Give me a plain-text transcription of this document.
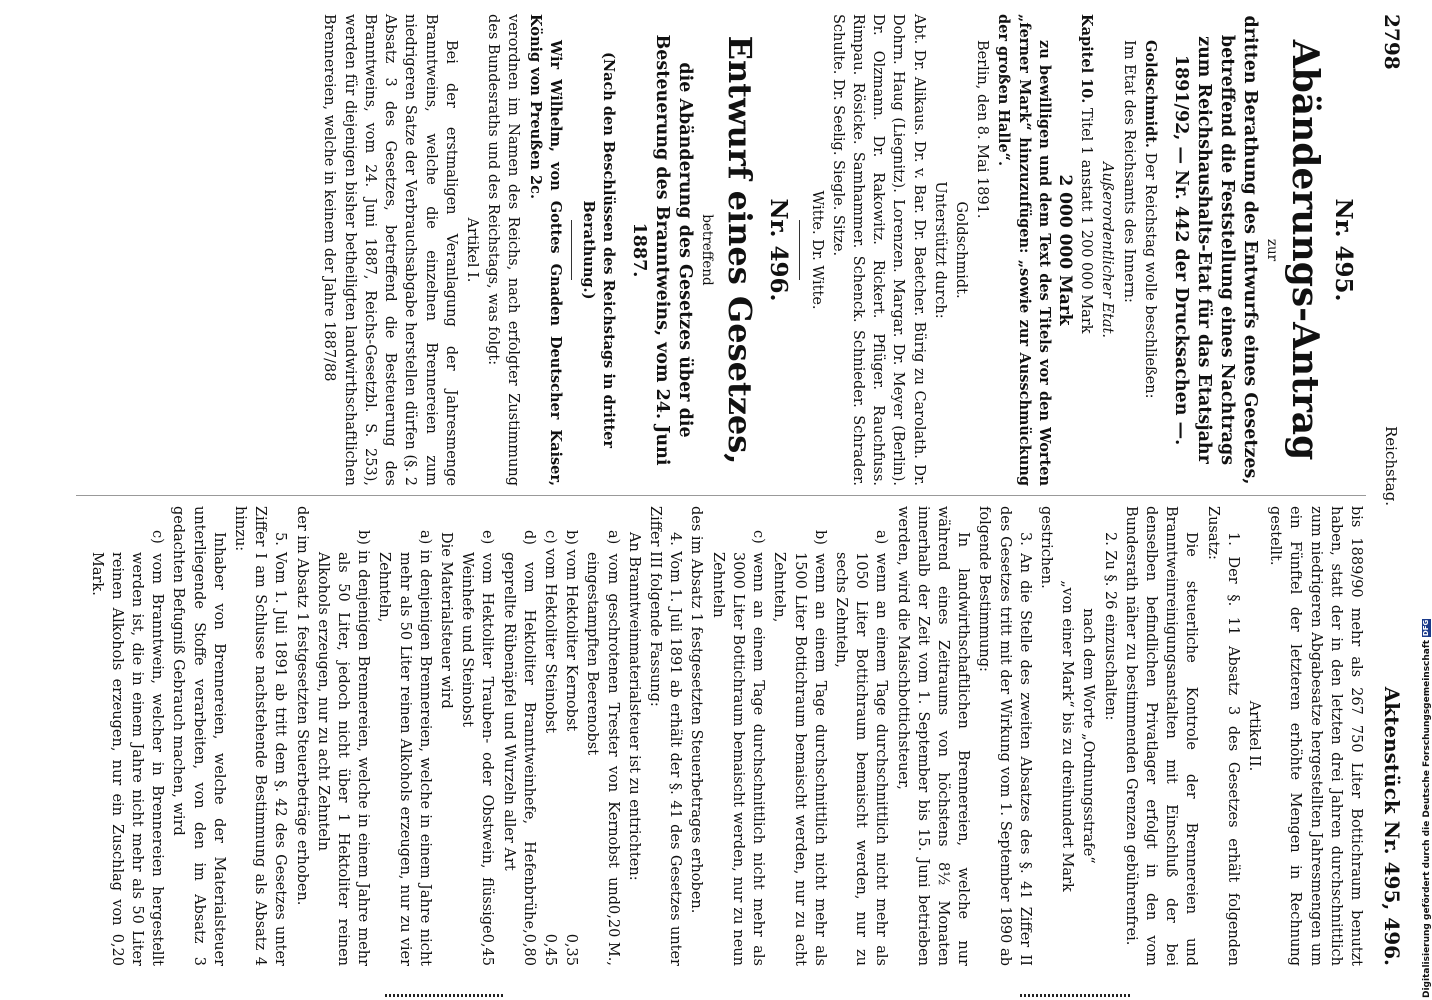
2798
Reichstag.
Aktenstück Nr. 495, 496.

Nr. 495.

Abänderungs-Antrag

zur

dritten Berathung des Entwurfs eines Gesetzes, betreffend die Feststellung eines Nachtrags zum Reichshaushalts-Etat für das Etatsjahr 1891/92, — Nr. 442 der Drucksachen —.

Goldschmidt. Der Reichstag wolle beschließen:

Im Etat des Reichsamts des Innern:

Außerordentlicher Etat.

Kapitel 10. Titel 1 anstatt 1 200 000 Mark

2 000 000 Mark

zu bewilligen und dem Text des Titels vor den Worten „ferner Mark“ hinzuzufügen: „sowie zur Ausschmückung der großen Halle“.

Berlin, den 8. Mai 1891.

Goldschmidt.

Unterstützt durch:

Abt. Dr. Alikaus. Dr. v. Bar. Dr. Baetcher. Bürig zu Carolath. Dr. Dohrn. Haug (Liegnitz). Lorenzen. Margar. Dr. Meyer (Berlin). Dr. Olzmann. Dr. Rakowitz. Rickert. Pflüger. Rauchfuss. Rimpau. Rösicke. Samhammer. Schenck. Schnieder. Schrader. Schulte. Dr. Seelig. Siegle. Sitze.

Witte. Dr. Witte.

Nr. 496.

Entwurf eines Gesetzes,

betreffend

die Abänderung des Gesetzes über die Besteuerung des Branntweins, vom 24. Juni 1887.

(Nach den Beschlüssen des Reichstags in dritter Berathung.)

Wir Wilhelm, von Gottes Gnaden Deutscher Kaiser, König von Preußen 2c.

verordnen im Namen des Reichs, nach erfolgter Zustimmung des Bundesraths und des Reichstags, was folgt:

Artikel I.

Bei der erstmaligen Veranlagung der Jahresmenge Branntweins, welche die einzelnen Brennereien zum niedrigeren Satze der Verbrauchsabgabe herstellen dürfen (§. 2 Absatz 3 des Gesetzes, betreffend die Besteuerung des Branntweins, vom 24. Juni 1887, Reichs-Gesetzbl. S. 253), werden für diejenigen bisher betheiligten landwirthschaftlichen Brennereien, welche in keinem der Jahre 1887/88

bis 1889/90 mehr als 267 750 Liter Bottichraum benutzt haben, statt der in den letzten drei Jahren durchschnittlich zum niedrigeren Abgabesatze hergestellten Jahresmengen um ein Fünftel der letzteren erhöhte Mengen in Rechnung gestellt.

Artikel II.

1. Der §. 11 Absatz 3 des Gesetzes erhält folgenden Zusatz:

Die steuerliche Kontrole der Brennereien und Branntweinreinigungsanstalten mit Einschluß der bei denselben befindlichen Privatlager erfolgt in den vom Bundesrath näher zu bestimmenden Grenzen gebührenfrei.

2. Zu §. 26 einzuschalten:

nach dem Worte „Ordnungsstrafe“

„von einer Mark“ bis zu dreihundert Mark

gestrichen.

3. An die Stelle des zweiten Absatzes des §. 41 Ziffer II des Gesetzes tritt mit der Wirkung vom 1. September 1890 ab folgende Bestimmung:

In landwirthschaftlichen Brennereien, welche nur während eines Zeitraums von höchstens 8½ Monaten innerhalb der Zeit vom 1. September bis 15. Juni betrieben werden, wird die Maischbottichsteuer,

a) wenn an einem Tage durchschnittlich nicht mehr als 1050 Liter Bottichraum bemaischt werden, nur zu sechs Zehnteln,

b) wenn an einem Tage durchschnittlich nicht mehr als 1500 Liter Bottichraum bemaischt werden, nur zu acht Zehnteln,

c) wenn an einem Tage durchschnittlich nicht mehr als 3000 Liter Bottichraum bemaischt werden, nur zu neun Zehnteln

des im Absatz 1 festgesetzten Steuerbetrages erhoben.

4. Vom 1. Juli 1891 ab erhält der §. 41 des Gesetzes unter Ziffer III folgende Fassung:

An Branntweinmaterialsteuer ist zu entrichten:

a) vom geschrotenen Trester von Kernobst und eingestampften Beerenobst

0,20 M.,

b) vom Hektoliter Kernobst

0,35

c) vom Hektoliter Steinobst

0,45

d) vom Hektoliter Branntweinhefe, Hefenbrühe, geprellte Rübenäpfel und Wurzeln aller Art

0,80

e) vom Hektoliter Trauben- oder Obstwein, flüssige Weinhefe und Steinobst

0,45

Die Materialsteuer wird

a) in denjenigen Brennereien, welche in einem Jahre nicht mehr als 50 Liter reinen Alkohols erzeugen, nur zu vier Zehnteln,

b) in denjenigen Brennereien, welche in einem Jahre mehr als 50 Liter, jedoch nicht über 1 Hektoliter reinen Alkohols erzeugen, nur zu acht Zehnteln

der im Absatz 1 festgesetzten Steuerbeträge erhoben.

5. Vom 1. Juli 1891 ab tritt dem §. 42 des Gesetzes unter Ziffer I am Schlusse nachstehende Bestimmung als Absatz 4 hinzu:

Inhaber von Brennereien, welche der Materialsteuer unterliegende Stoffe verarbeiten, von den im Absatz 3 gedachten Befugniß Gebrauch machen, wird

c) vom Branntwein, welcher in Brennereien hergestellt werden ist, die in einem Jahre nicht mehr als 50 Liter reinen Alkohols erzeugen, nur ein Zuschlag von 0,20 Mark.

Digitalisierung gefördert durch die Deutsche ForschungsgemeinschaftDFG
